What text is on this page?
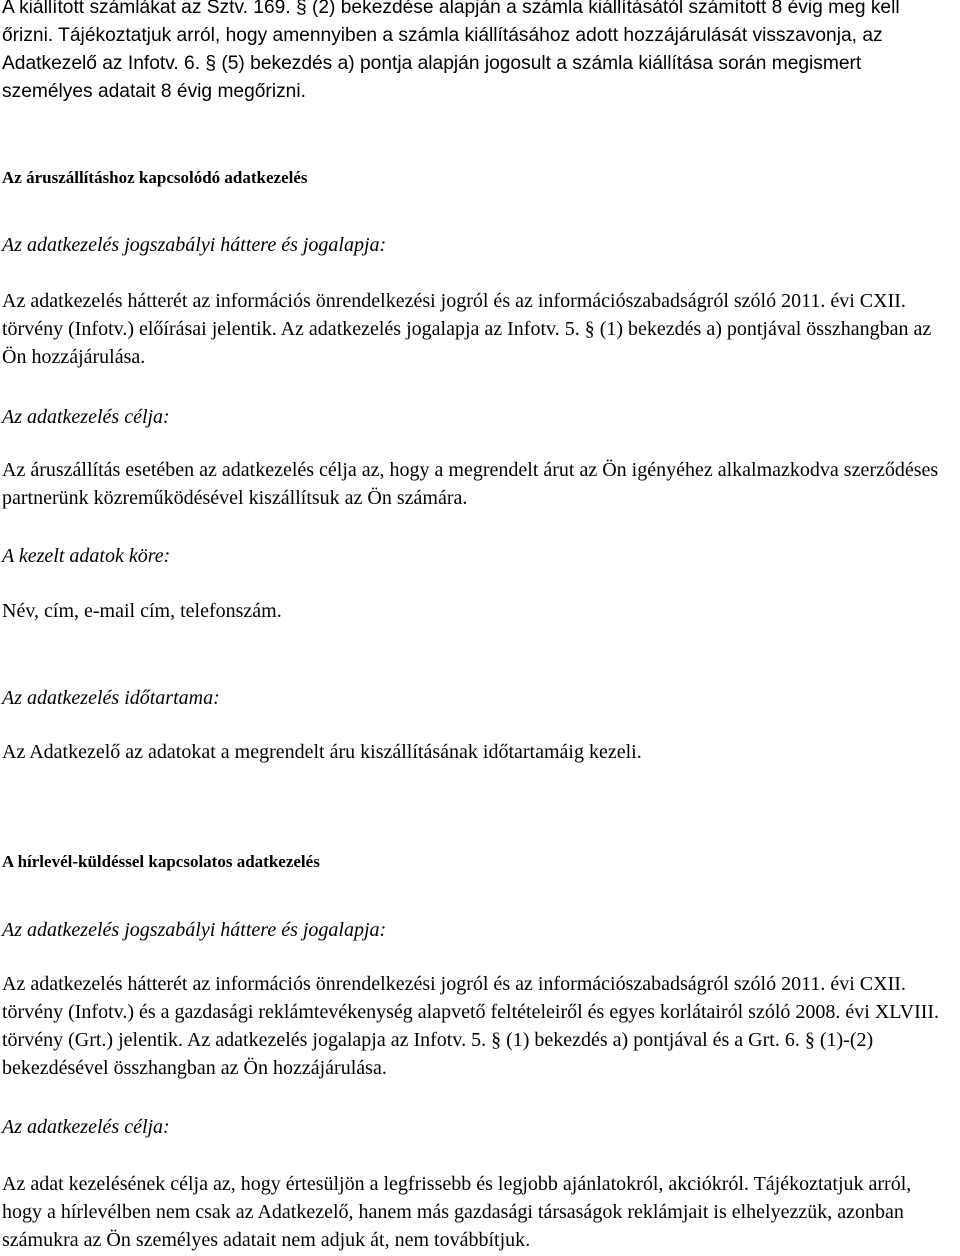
A kiállított számlákat az Sztv. 169. § (2) bekezdése alapján a számla kiállításától számított 8 évig meg kell őrizni. Tájékoztatjuk arról, hogy amennyiben a számla kiállításához adott hozzájárulását visszavonja, az Adatkezelő az Infotv. 6. § (5) bekezdés a) pontja alapján jogosult a számla kiállítása során megismert személyes adatait 8 évig megőrizni.

Az áruszállításhoz kapcsolódó adatkezelés

Az adatkezelés jogszabályi háttere és jogalapja:

Az adatkezelés hátterét az információs önrendelkezési jogról és az információszabadságról szóló 2011. évi CXII. törvény (Infotv.) előírásai jelentik. Az adatkezelés jogalapja az Infotv. 5. § (1) bekezdés a) pontjával összhangban az Ön hozzájárulása.

Az adatkezelés célja:

Az áruszállítás esetében az adatkezelés célja az, hogy a megrendelt árut az Ön igényéhez alkalmazkodva szerződéses partnerünk közreműködésével kiszállítsuk az Ön számára.

A kezelt adatok köre:

Név, cím, e-mail cím, telefonszám.

Az adatkezelés időtartama:

Az Adatkezelő az adatokat a megrendelt áru kiszállításának időtartamáig kezeli.

A hírlevél-küldéssel kapcsolatos adatkezelés

Az adatkezelés jogszabályi háttere és jogalapja:

Az adatkezelés hátterét az információs önrendelkezési jogról és az információszabadságról szóló 2011. évi CXII. törvény (Infotv.) és a gazdasági reklámtevékenység alapvető feltételeiről és egyes korlátairól szóló 2008. évi XLVIII. törvény (Grt.) jelentik. Az adatkezelés jogalapja az Infotv. 5. § (1) bekezdés a) pontjával és a Grt. 6. § (1)-(2) bekezdésével összhangban az Ön hozzájárulása.

Az adatkezelés célja:

Az adat kezelésének célja az, hogy értesüljön a legfrissebb és legjobb ajánlatokról, akciókról. Tájékoztatjuk arról, hogy a hírlevélben nem csak az Adatkezelő, hanem más gazdasági társaságok reklámjait is elhelyezzük, azonban számukra az Ön személyes adatait nem adjuk át, nem továbbítjuk.
